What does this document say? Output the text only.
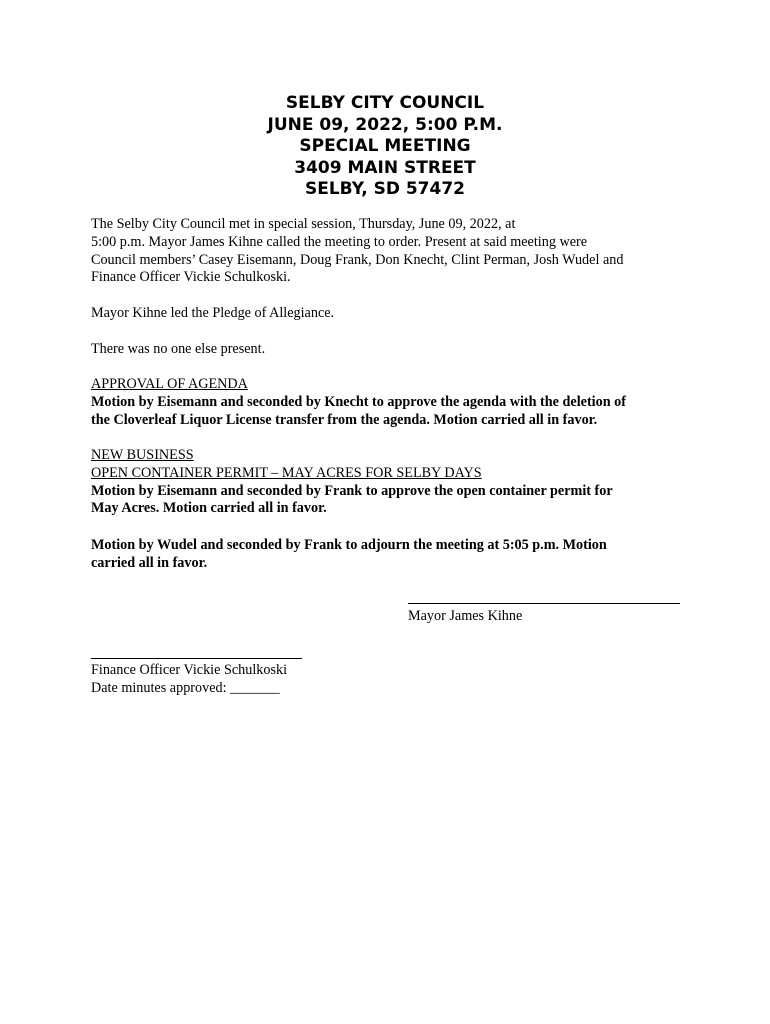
SELBY CITY COUNCIL
JUNE 09, 2022, 5:00 P.M.
SPECIAL MEETING
3409 MAIN STREET
SELBY, SD 57472

The Selby City Council met in special session, Thursday, June 09, 2022, at

5:00 p.m. Mayor James Kihne called the meeting to order. Present at said meeting were

Council members’ Casey Eisemann, Doug Frank, Don Knecht, Clint Perman, Josh Wudel and

Finance Officer Vickie Schulkoski.

Mayor Kihne led the Pledge of Allegiance.

There was no one else present.

APPROVAL OF AGENDA

Motion by Eisemann and seconded by Knecht to approve the agenda with the deletion of

the Cloverleaf Liquor License transfer from the agenda. Motion carried all in favor.

NEW BUSINESS

OPEN CONTAINER PERMIT – MAY ACRES FOR SELBY DAYS

Motion by Eisemann and seconded by Frank to approve the open container permit for

May Acres. Motion carried all in favor.

Motion by Wudel and seconded by Frank to adjourn the meeting at 5:05 p.m. Motion

carried all in favor.

Mayor James Kihne
Finance Officer Vickie Schulkoski
Date minutes approved: _______
